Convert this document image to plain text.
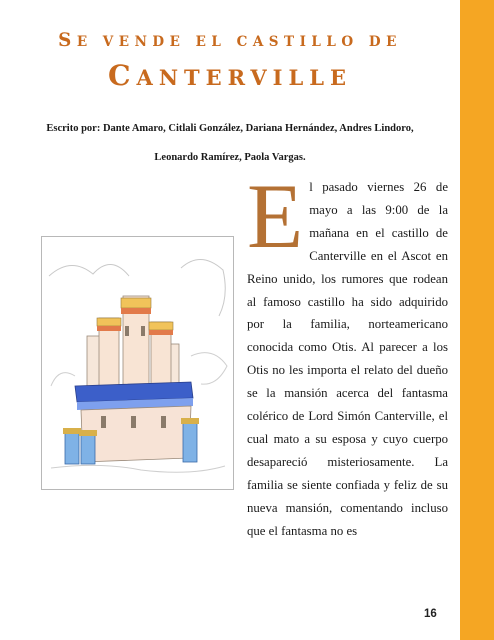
SE VENDE EL CASTILLO DE
CANTERVILLE
Escrito por: Dante Amaro, Citlali González, Dariana Hernández, Andres Lindoro,
Leonardo Ramírez, Paola Vargas.
E l pasado viernes 26 de mayo a las 9:00 de la mañana en el castillo de Canterville en el Ascot en Reino unido, los rumores que rodean al famoso castillo ha sido adquirido por la familia, norteamericano conocida como Otis. Al parecer a los Otis no les importa el relato del dueño se la mansión acerca del fantasma colérico de Lord Simón Canterville, el cual mato a su esposa y cuyo cuerpo desapareció misteriosamente. La familia se siente confiada y feliz de su nueva mansión, comentando incluso que el fantasma no es
16
